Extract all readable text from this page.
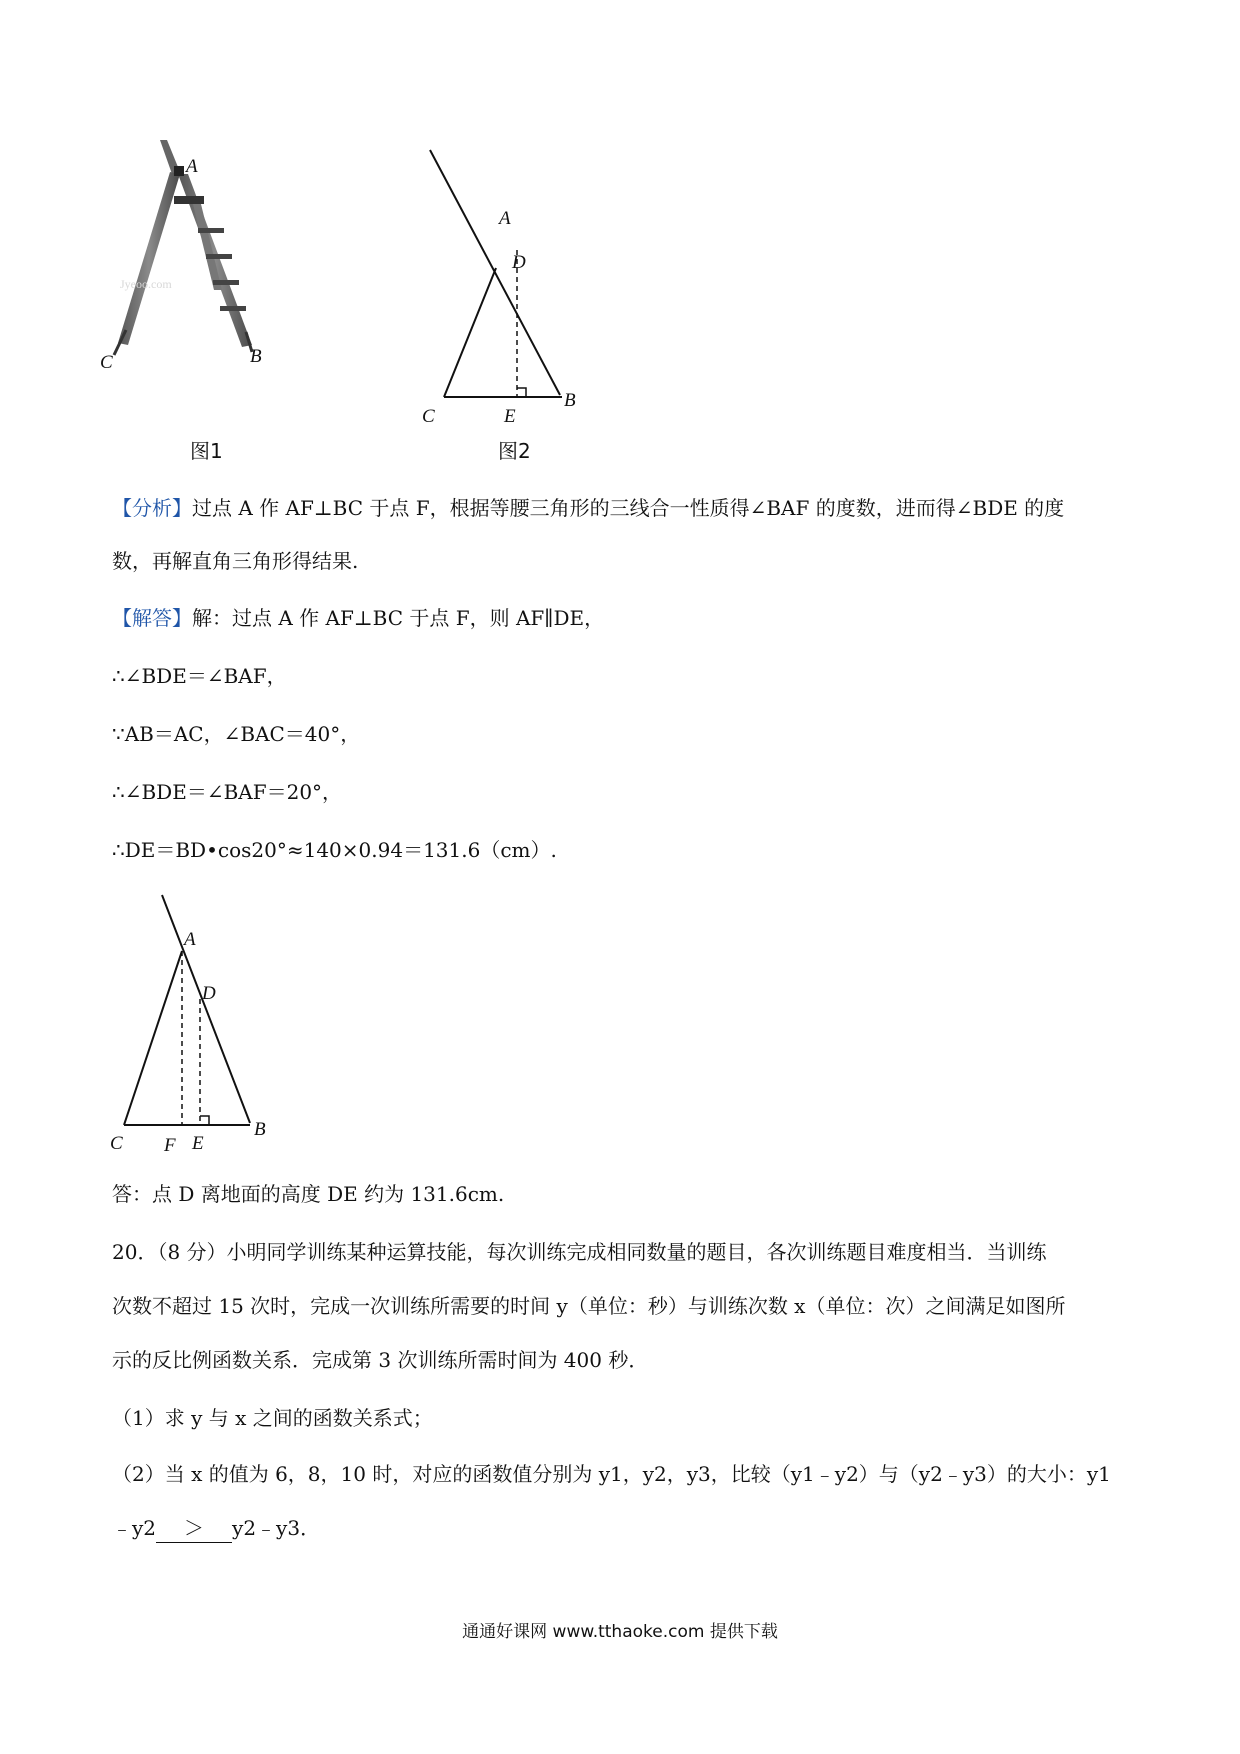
Jyeoo.com
A
C	B
图1
A
D
C	E
B
图2
【分析】过点 A 作 AF⊥BC 于点 F，根据等腰三角形的三线合一性质得∠BAF 的度数，进而得∠BDE 的度
数，再解直角三角形得结果.
【解答】解：过点 A 作 AF⊥BC 于点 F，则 AF∥DE，
∴∠BDE＝∠BAF，
∵AB＝AC，∠BAC＝40°，
∴∠BDE＝∠BAF＝20°，
∴DE＝BD•cos20°≈140×0.94＝131.6（cm）.
A
D
C F E
B
答：点 D 离地面的高度 DE 约为 131.6cm.
20．（8 分）小明同学训练某种运算技能，每次训练完成相同数量的题目，各次训练题目难度相当．当训练
次数不超过 15 次时，完成一次训练所需要的时间 y（单位：秒）与训练次数 x（单位：次）之间满足如图所
示的反比例函数关系．完成第 3 次训练所需时间为 400 秒．
（1）求 y 与 x 之间的函数关系式；
（2）当 x 的值为 6，8，10 时，对应的函数值分别为 y1，y2，y3，比较（y1﹣y2）与（y2﹣y3）的大小：y1
﹣y2 ＞ y2﹣y3．
通通好课网 www.tthaoke.com 提供下载
